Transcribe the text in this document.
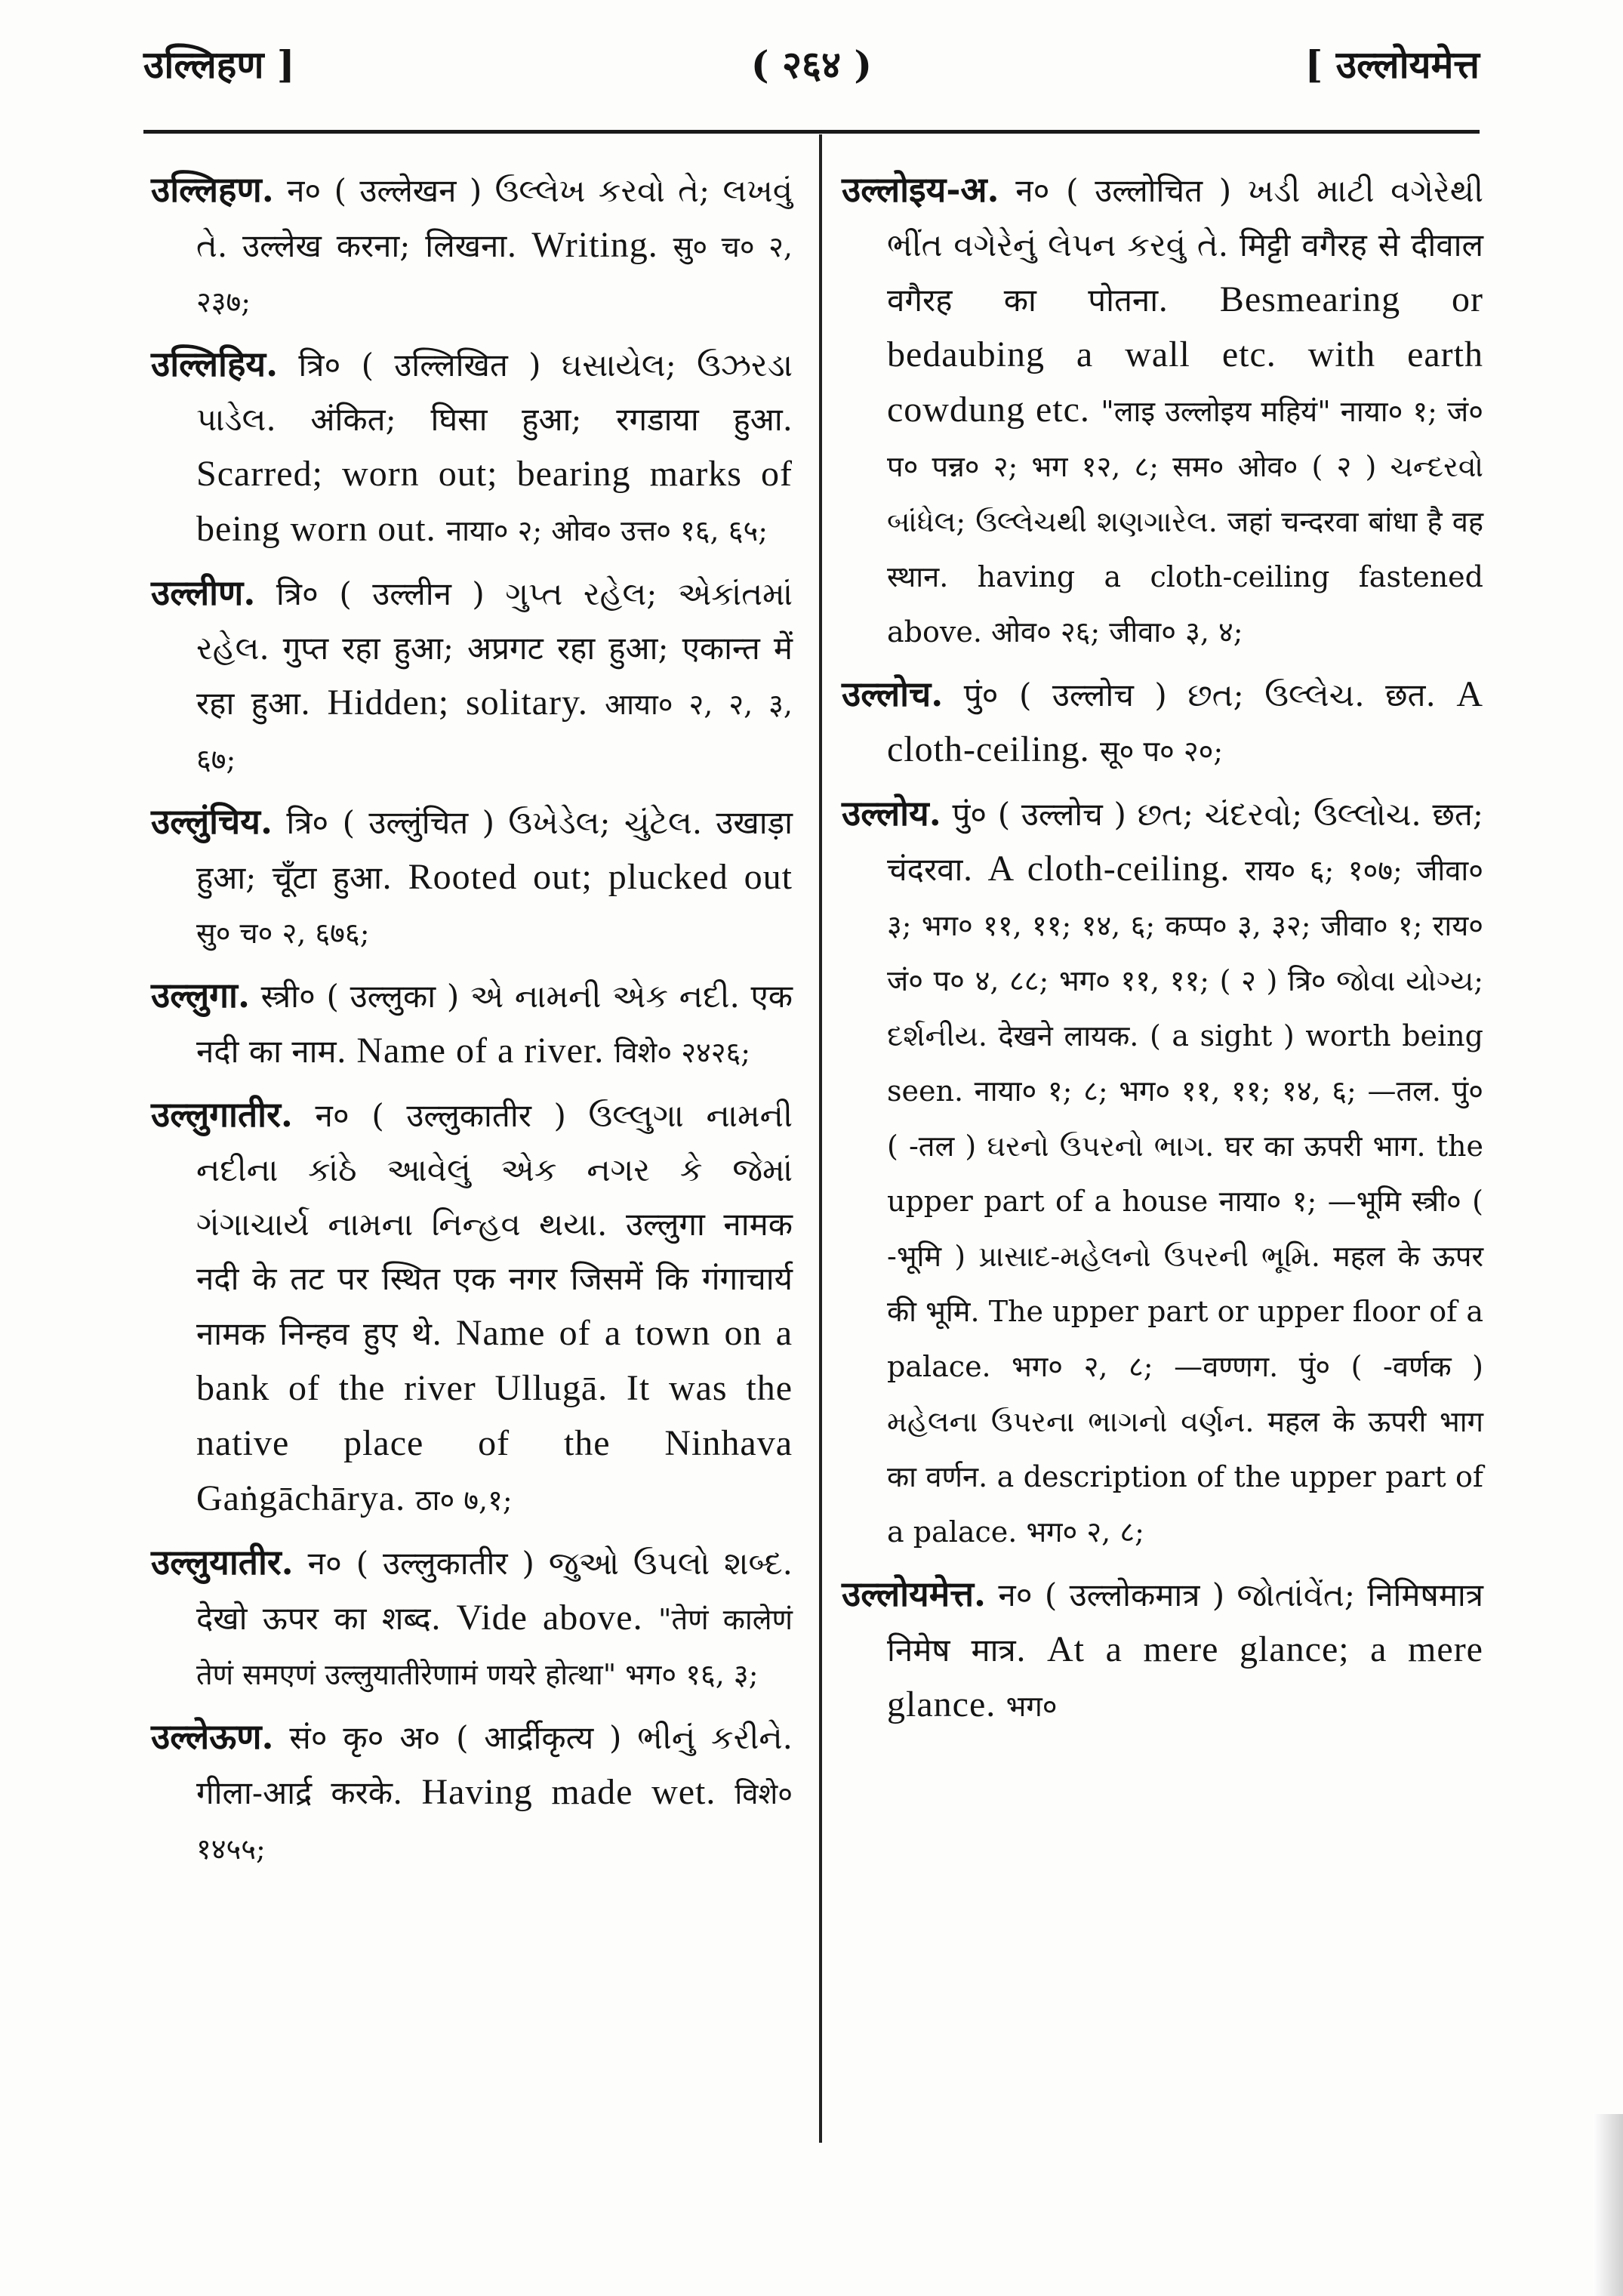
उल्लिहण ]	( २६४ )	[ उल्लोयमेत्त

उल्लिहण. न० ( उल्लेखन ) ઉલ્લેખ કરવો તે; લખવું તે. उल्लेख करना; लिखना. Writing. सु० च० २, २३७;

उल्लिहिय. त्रि० ( उल्लिखित ) ઘસાયેલ; ઉઝરડા પાડેલ. अंकित; घिसा हुआ; रगडाया हुआ. Scarred; worn out; bearing marks of being worn out. नाया० २; ओव० उत्त० १६, ६५;

उल्लीण. त्रि० ( उल्लीन ) ગુપ્ત રહેલ; એકાંતમાં રહેલ. गुप्त रहा हुआ; अप्रगट रहा हुआ; एकान्त में रहा हुआ. Hidden; solitary. आया० २, २, ३, ६७;

उल्लुंचिय. त्रि० ( उल्लुंचित ) ઉખેડેલ; ચુંટેલ. उखाड़ा हुआ; चूँटा हुआ. Rooted out; plucked out सु० च० २, ६७६;

उल्लुगा. स्त्री० ( उल्लुका ) એ નામની એક નદી. एक नदी का नाम. Name of a river. विशे० २४२६;

उल्लुगातीर. न० ( उल्लुकातीर ) ઉલ્લુગા નામની નદીના કાંઠે આવેલું એક નગર કે જેમાં ગંગાચાર્ય નામના નિન્હવ થયા. उल्लुगा नामक नदी के तट पर स्थित एक नगर जिसमें कि गंगाचार्य नामक निन्हव हुए थे. Name of a town on a bank of the river Ullugā. It was the native place of the Ninhava Gaṅgāchārya. ठा० ७,१;

उल्लुयातीर. न० ( उल्लुकातीर ) જુઓ ઉપલો શબ્દ. देखो ऊपर का शब्द. Vide above. "तेणं कालेणं तेणं समएणं उल्लुयातीरेणामं णयरे होत्था" भग० १६, ३;

उल्लेऊण. सं० कृ० अ० ( आर्द्रीकृत्य ) ભીનું કરીને. गीला-आर्द्र करके. Having made wet. विशे० १४५५;

उल्लोइय-अ. न० ( उल्लोचित ) ખડી માટી વગેરેથી ભીંત વગેરેનું લેપન કરવું તે. मिट्टी वगैरह से दीवाल वगैरह का पोतना. Besmearing or bedaubing a wall etc. with earth cowdung etc. "लाइ उल्लोइय महियं" नाया० १; जं० प० पन्न० २; भग १२, ८; सम० ओव० ( २ ) ચન્દરવો બાંધેલ; ઉલ્લેચથી શણગારેલ. जहां चन्दरवा बांधा है वह स्थान. having a cloth-ceiling fastened above. ओव० २६; जीवा० ३, ४;

उल्लोच. पुं० ( उल्लोच ) છત; ઉલ્લેચ. छत. A cloth-ceiling. सू० प० २०;

उल्लोय. पुं० ( उल्लोच ) છત; ચંદરવો; ઉલ્લોચ. छत; चंदरवा. A cloth-ceiling. राय० ६; १०७; जीवा० ३; भग० ११, ११; १४, ६; कप्प० ३, ३२; जीवा० १; राय० जं० प० ४, ८८; भग० ११, ११; ( २ ) त्रि० જોવા યોગ્ય; દર્શનીય. देखने लायक. ( a sight ) worth being seen. नाया० १; ८; भग० ११, ११; १४, ६; —तल. पुं० ( -तल ) ઘરનો ઉપરનો ભાગ. घर का ऊपरी भाग. the upper part of a house नाया० १; —भूमि स्त्री० ( -भूमि ) પ્રાસાદ-મહેલનો ઉપરની ભૂમિ. महल के ऊपर की भूमि. The upper part or upper floor of a palace. भग० २, ८; —वण्णग. पुं० ( -वर्णक ) મહેલના ઉપરના ભાગનો વર્ણન. महल के ऊपरी भाग का वर्णन. a description of the upper part of a palace. भग० २, ८;

उल्लोयमेत्त. न० ( उल्लोकमात्र ) જોતાંવેંત; निमिषमात्र निमेष मात्र. At a mere glance; a mere glance. भग०
